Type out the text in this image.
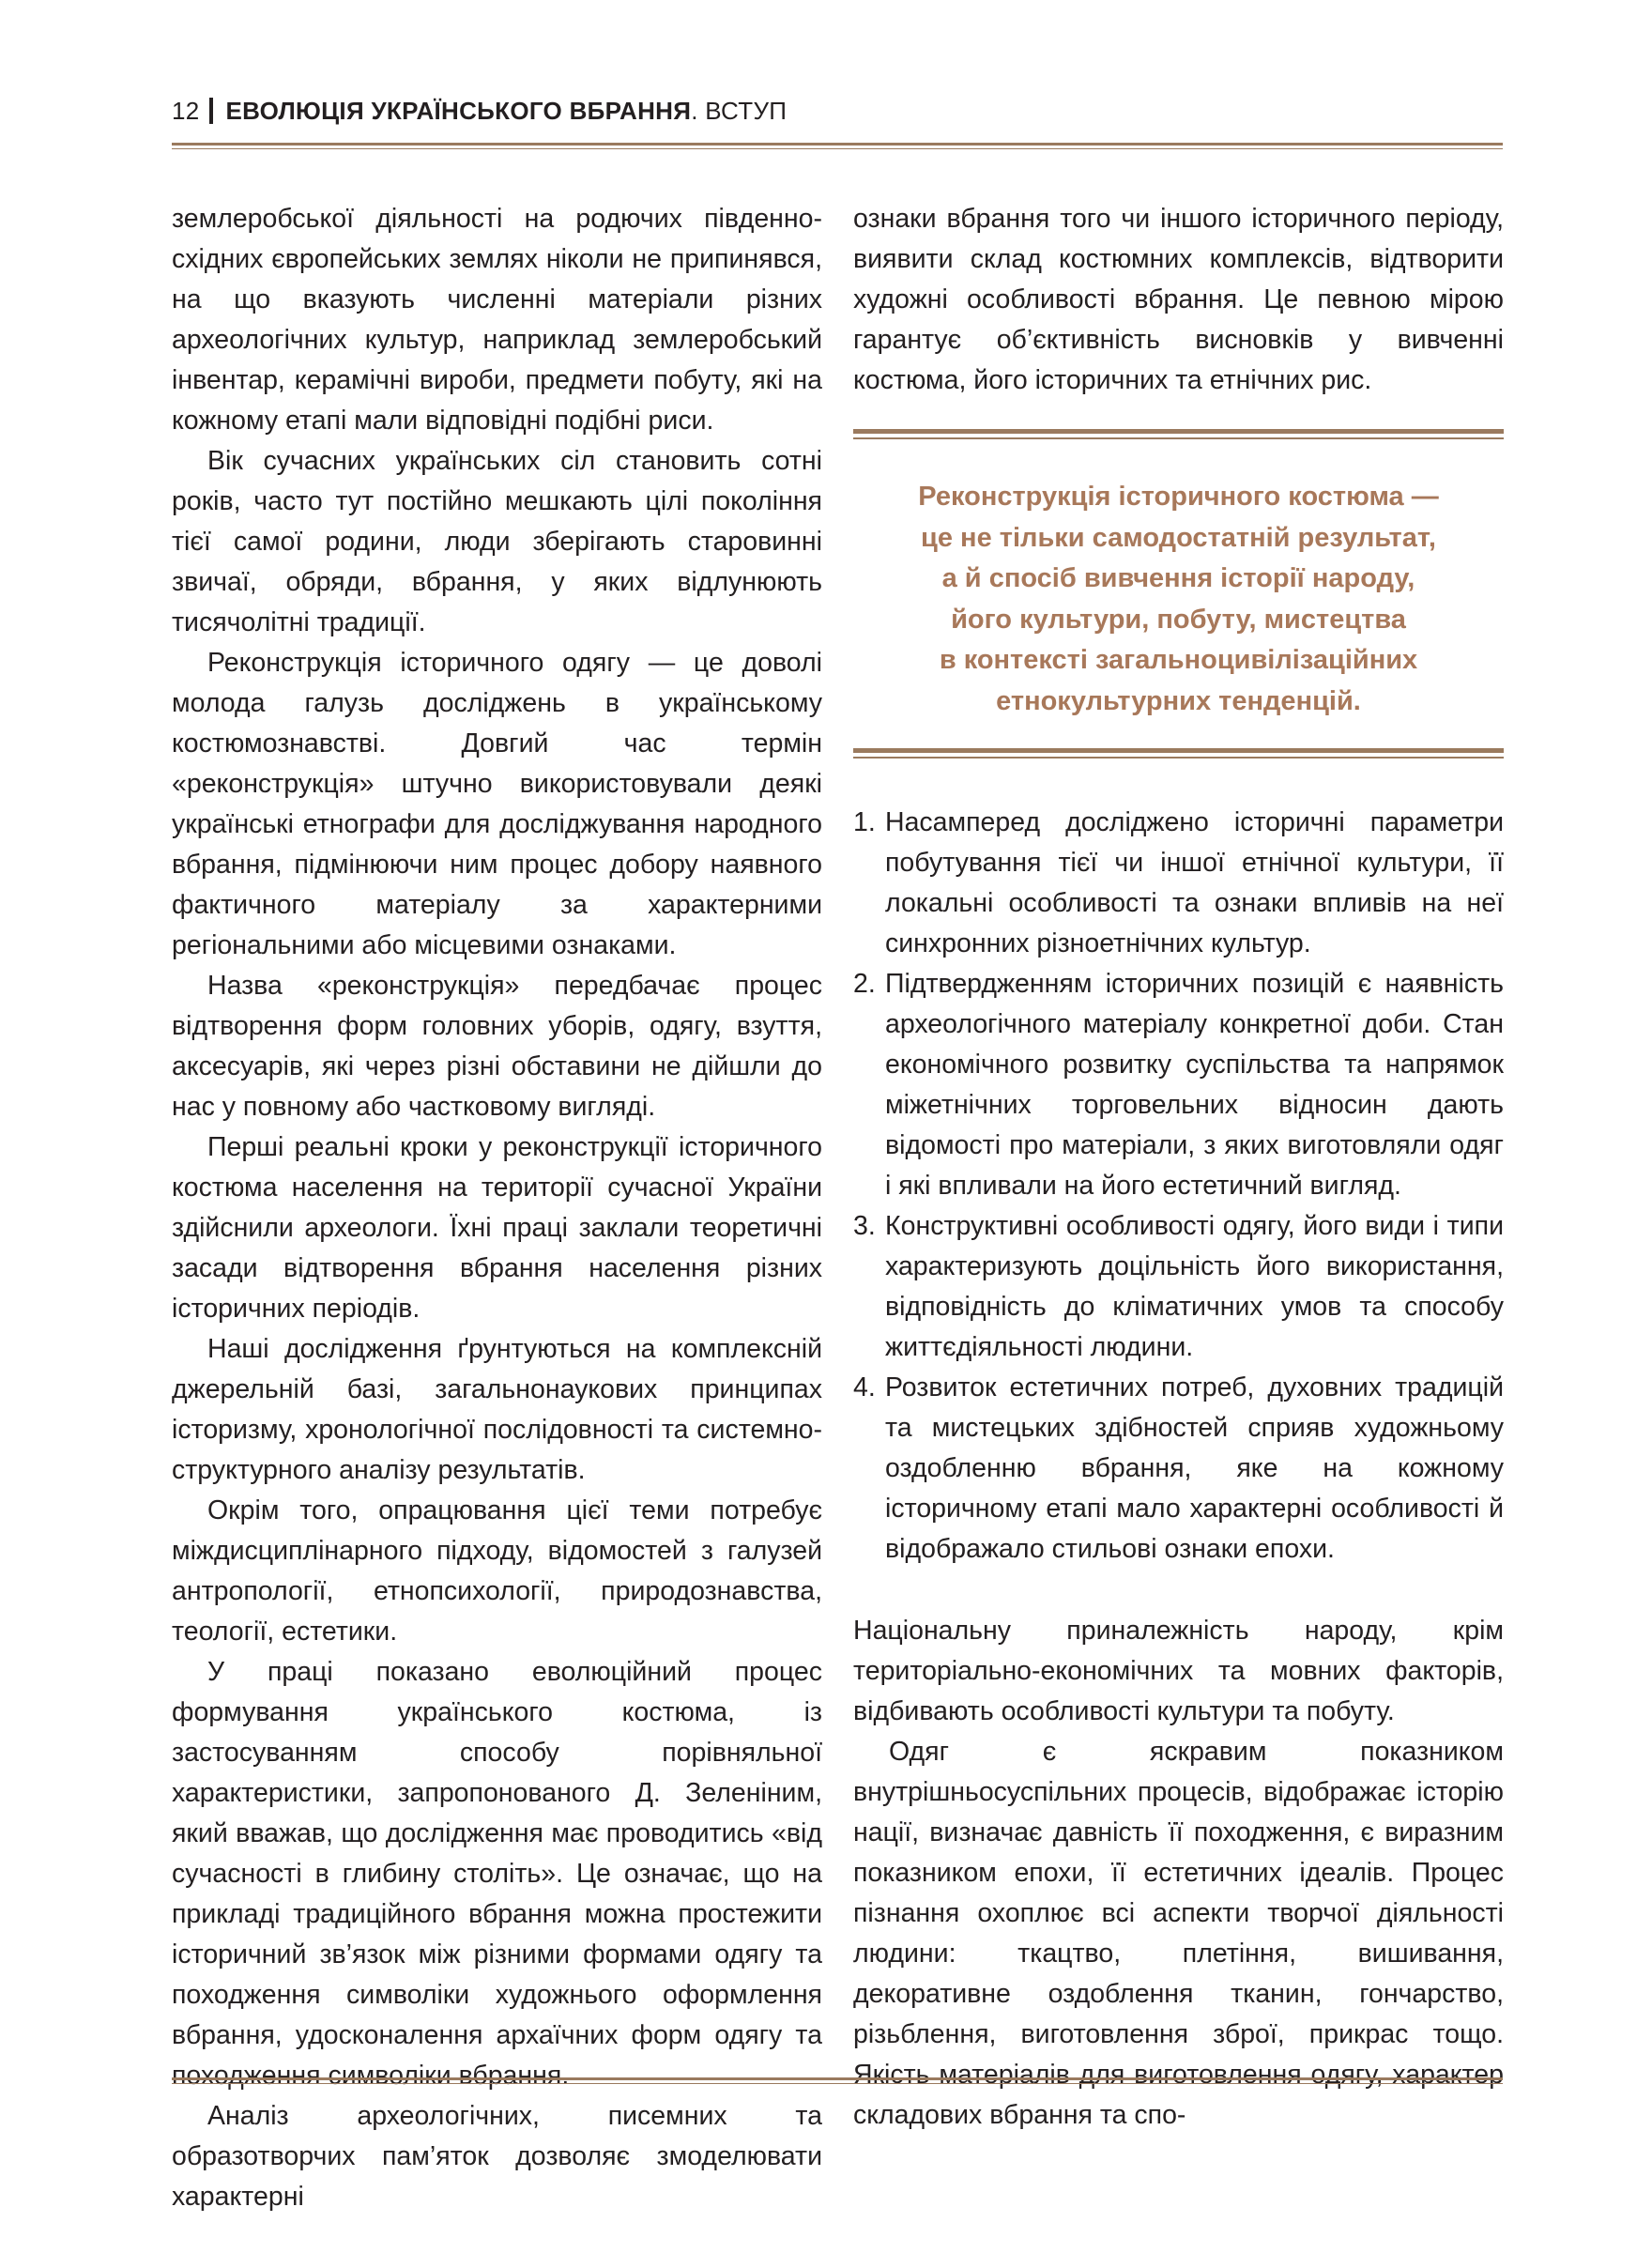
12 ЕВОЛЮЦІЯ УКРАЇНСЬКОГО ВБРАННЯ. ВСТУП

землеробської діяльності на родючих південно-східних європейських землях ніколи не припинявся, на що вказують численні матеріали різних археологічних культур, наприклад землеробський інвентар, керамічні вироби, предмети побуту, які на кожному етапі мали відповідні подібні риси.

Вік сучасних українських сіл становить сотні років, часто тут постійно мешкають цілі покоління тієї самої родини, люди зберігають старовинні звичаї, обряди, вбрання, у яких відлунюють тисячолітні традиції.

Реконструкція історичного одягу — це доволі молода галузь досліджень в українському костюмознавстві. Довгий час термін «реконструкція» штучно використовували деякі українські етнографи для досліджування народного вбрання, підмінюючи ним процес добору наявного фактичного матеріалу за характерними регіональними або місцевими ознаками.

Назва «реконструкція» передбачає процес відтворення форм головних уборів, одягу, взуття, аксесуарів, які через різні обставини не дійшли до нас у повному або частковому вигляді.

Перші реальні кроки у реконструкції історичного костюма населення на території сучасної України здійснили археологи. Їхні праці заклали теоретичні засади відтворення вбрання населення різних історичних періодів.

Наші дослідження ґрунтуються на комплексній джерельній базі, загальнонаукових принципах історизму, хронологічної послідовності та системно-структурного аналізу результатів.

Окрім того, опрацювання цієї теми потребує міждисциплінарного підходу, відомостей з галузей антропології, етнопсихології, природознавства, теології, естетики.

У праці показано еволюційний процес формування українського костюма, із застосуванням способу порівняльної характеристики, запропонованого Д. Зеленіним, який вважав, що дослідження має проводитись «від сучасності в глибину століть». Це означає, що на прикладі традиційного вбрання можна простежити історичний зв’язок між різними формами одягу та походження символіки художнього оформлення вбрання, удосконалення архаїчних форм одягу та походження символіки вбрання.

Аналіз археологічних, писемних та образотворчих пам’яток дозволяє змоделювати характерні

ознаки вбрання того чи іншого історичного періоду, виявити склад костюмних комплексів, відтворити художні особливості вбрання. Це певною мірою гарантує об’єктивність висновків у вивченні костюма, його історичних та етнічних рис.

Реконструкція історичного костюма —
це не тільки самодостатній результат,
а й спосіб вивчення історії народу,
його культури, побуту, мистецтва
в контексті загальноцивілізаційних
етнокультурних тенденцій.
1. Насамперед досліджено історичні параметри побутування тієї чи іншої етнічної культури, її локальні особливості та ознаки впливів на неї синхронних різноетнічних культур.
2. Підтвердженням історичних позицій є наявність археологічного матеріалу конкретної доби. Стан економічного розвитку суспільства та напрямок міжетнічних торговельних відносин дають відомості про матеріали, з яких виготовляли одяг і які впливали на його естетичний вигляд.
3. Конструктивні особливості одягу, його види і типи характеризують доцільність його використання, відповідність до кліматичних умов та способу життєдіяльності людини.
4. Розвиток естетичних потреб, духовних традицій та мистецьких здібностей сприяв художньому оздобленню вбрання, яке на кожному історичному етапі мало характерні особливості й відображало стильові ознаки епохи.

Національну приналежність народу, крім територіально-економічних та мовних факторів, відбивають особливості культури та побуту.

Одяг є яскравим показником внутрішньосуспільних процесів, відображає історію нації, визначає давність її походження, є виразним показником епохи, її естетичних ідеалів. Процес пізнання охоплює всі аспекти творчої діяльності людини: ткацтво, плетіння, вишивання, декоративне оздоблення тканин, гончарство, різьблення, виготовлення зброї, прикрас тощо. Якість матеріалів для виготовлення одягу, характер складових вбрання та спо-
